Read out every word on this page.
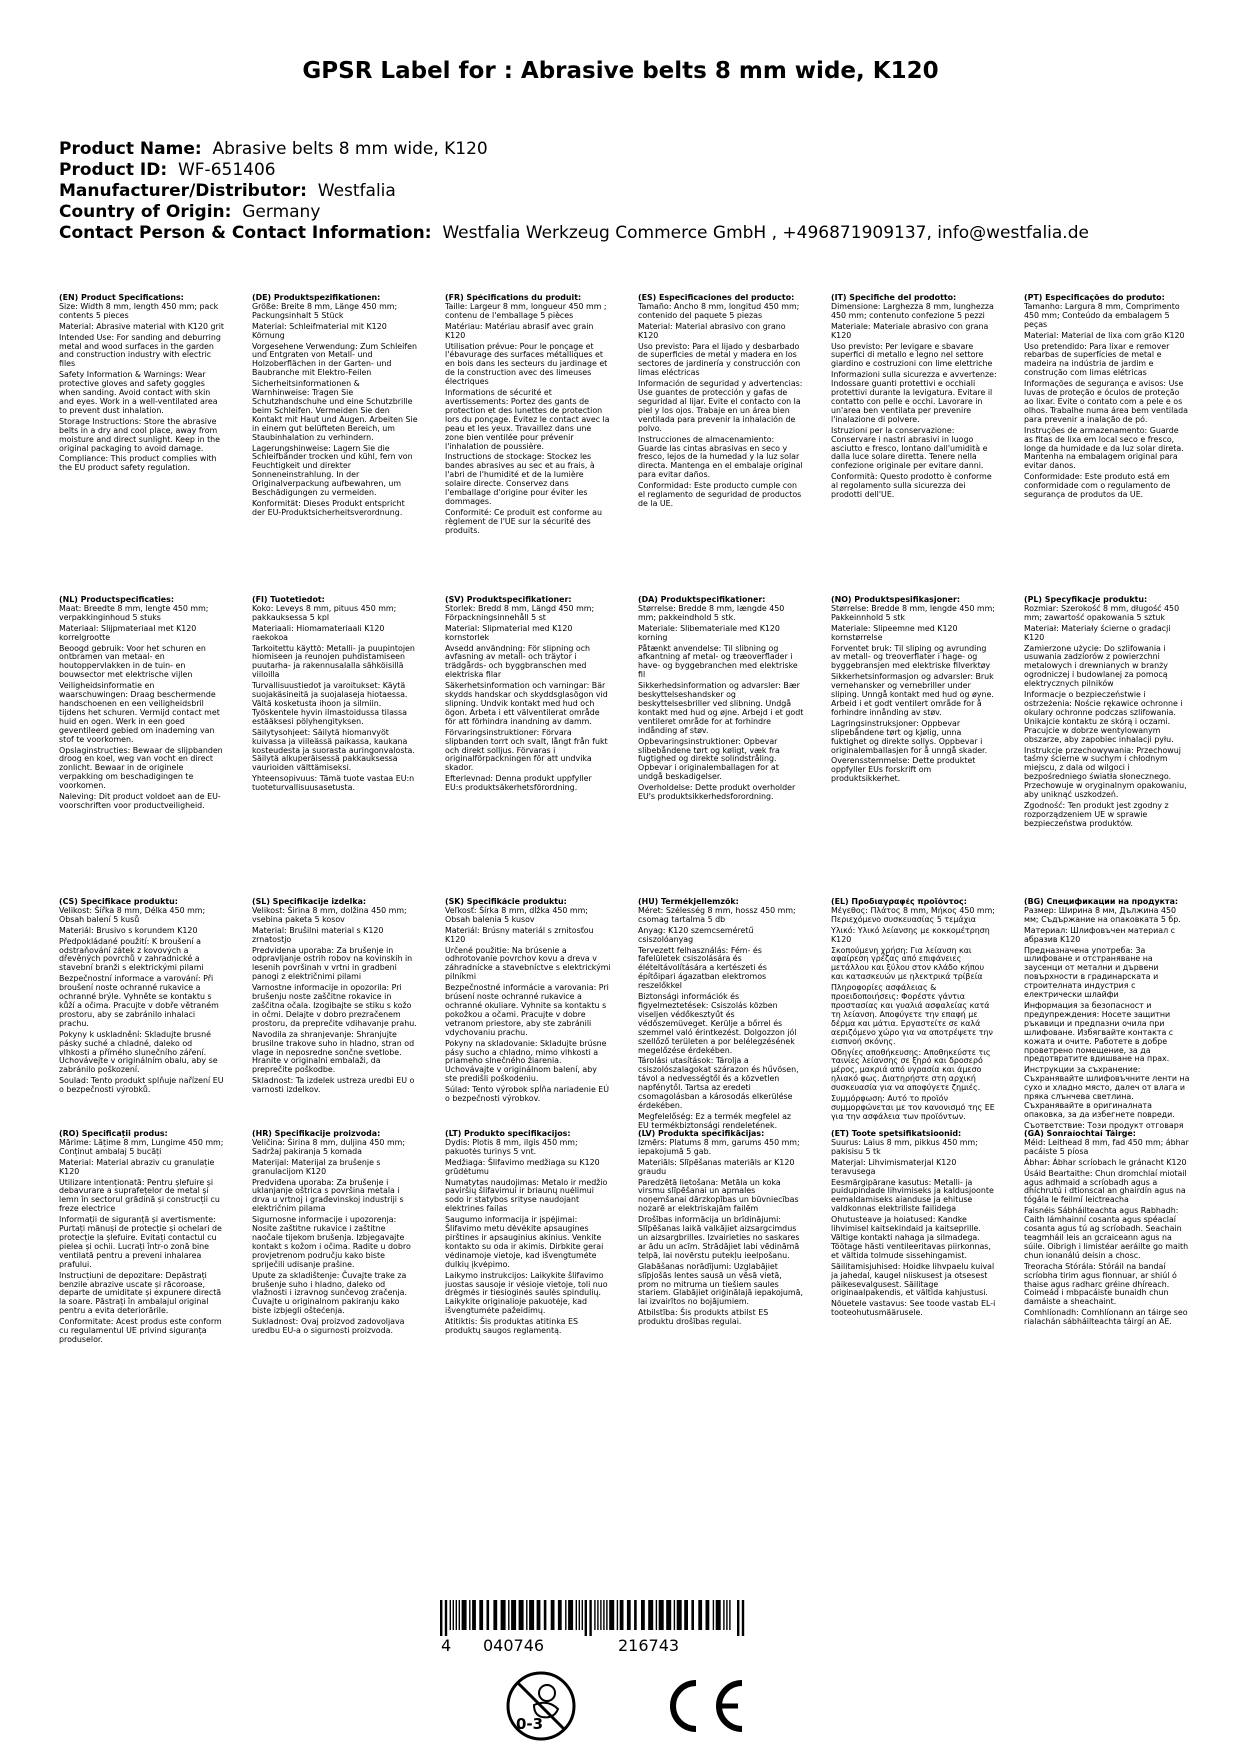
GPSR Label for : Abrasive belts 8 mm wide, K120
Product Name: Abrasive belts 8 mm wide, K120
Product ID: WF-651406
Manufacturer/Distributor: Westfalia
Country of Origin: Germany
Contact Person & Contact Information: Westfalia Werkzeug Commerce GmbH , +496871909137, info@westfalia.de
(EN) Product Specifications:

Size: Width 8 mm, length 450 mm; pack contents 5 pieces

Material: Abrasive material with K120 grit

Intended Use: For sanding and deburring metal and wood surfaces in the garden and construction industry with electric files

Safety Information & Warnings: Wear protective gloves and safety goggles when sanding. Avoid contact with skin and eyes. Work in a well-ventilated area to prevent dust inhalation.

Storage Instructions: Store the abrasive belts in a dry and cool place, away from moisture and direct sunlight. Keep in the original packaging to avoid damage.

Compliance: This product complies with the EU product safety regulation.

(DE) Produktspezifikationen:

Größe: Breite 8 mm, Länge 450 mm; Packungsinhalt 5 Stück

Material: Schleifmaterial mit K120 Körnung

Vorgesehene Verwendung: Zum Schleifen und Entgraten von Metall- und Holzoberflächen in der Garten- und Baubranche mit Elektro-Feilen

Sicherheitsinformationen & Warnhinweise: Tragen Sie Schutzhandschuhe und eine Schutzbrille beim Schleifen. Vermeiden Sie den Kontakt mit Haut und Augen. Arbeiten Sie in einem gut belüfteten Bereich, um Staubinhalation zu verhindern.

Lagerungshinweise: Lagern Sie die Schleifbänder trocken und kühl, fern von Feuchtigkeit und direkter Sonneneinstrahlung. In der Originalverpackung aufbewahren, um Beschädigungen zu vermeiden.

Konformität: Dieses Produkt entspricht der EU-Produktsicherheitsverordnung.

(FR) Spécifications du produit:

Taille: Largeur 8 mm, longueur 450 mm ; contenu de l'emballage 5 pièces

Matériau: Matériau abrasif avec grain K120

Utilisation prévue: Pour le ponçage et l'ébavurage des surfaces métalliques et en bois dans les secteurs du jardinage et de la construction avec des limeuses électriques

Informations de sécurité et avertissements: Portez des gants de protection et des lunettes de protection lors du ponçage. Évitez le contact avec la peau et les yeux. Travaillez dans une zone bien ventilée pour prévenir l'inhalation de poussière.

Instructions de stockage: Stockez les bandes abrasives au sec et au frais, à l'abri de l'humidité et de la lumière solaire directe. Conservez dans l'emballage d'origine pour éviter les dommages.

Conformité: Ce produit est conforme au règlement de l'UE sur la sécurité des produits.

(ES) Especificaciones del producto:

Tamaño: Ancho 8 mm, longitud 450 mm; contenido del paquete 5 piezas

Material: Material abrasivo con grano K120

Uso previsto: Para el lijado y desbarbado de superficies de metal y madera en los sectores de jardinería y construcción con limas eléctricas

Información de seguridad y advertencias: Use guantes de protección y gafas de seguridad al lijar. Evite el contacto con la piel y los ojos. Trabaje en un área bien ventilada para prevenir la inhalación de polvo.

Instrucciones de almacenamiento: Guarde las cintas abrasivas en seco y fresco, lejos de la humedad y la luz solar directa. Mantenga en el embalaje original para evitar daños.

Conformidad: Este producto cumple con el reglamento de seguridad de productos de la UE.

(IT) Specifiche del prodotto:

Dimensione: Larghezza 8 mm, lunghezza 450 mm; contenuto confezione 5 pezzi

Materiale: Materiale abrasivo con grana K120

Uso previsto: Per levigare e sbavare superfici di metallo e legno nel settore giardino e costruzioni con lime elettriche

Informazioni sulla sicurezza e avvertenze: Indossare guanti protettivi e occhiali protettivi durante la levigatura. Evitare il contatto con pelle e occhi. Lavorare in un'area ben ventilata per prevenire l'inalazione di polvere.

Istruzioni per la conservazione: Conservare i nastri abrasivi in luogo asciutto e fresco, lontano dall'umidità e dalla luce solare diretta. Tenere nella confezione originale per evitare danni.

Conformità: Questo prodotto è conforme al regolamento sulla sicurezza dei prodotti dell'UE.

(PT) Especificações do produto:

Tamanho: Largura 8 mm, Comprimento 450 mm; Conteúdo da embalagem 5 peças

Material: Material de lixa com grão K120

Uso pretendido: Para lixar e remover rebarbas de superfícies de metal e madeira na indústria de jardim e construção com limas elétricas

Informações de segurança e avisos: Use luvas de proteção e óculos de proteção ao lixar. Evite o contato com a pele e os olhos. Trabalhe numa área bem ventilada para prevenir a inalação de pó.

Instruções de armazenamento: Guarde as fitas de lixa em local seco e fresco, longe da humidade e da luz solar direta. Mantenha na embalagem original para evitar danos.

Conformidade: Este produto está em conformidade com o regulamento de segurança de produtos da UE.

(NL) Productspecificaties:

Maat: Breedte 8 mm, lengte 450 mm; verpakkinginhoud 5 stuks

Materiaal: Slijpmateriaal met K120 korrelgrootte

Beoogd gebruik: Voor het schuren en ontbramen van metaal- en houtoppervlakken in de tuin- en bouwsector met elektrische vijlen

Veiligheidsinformatie en waarschuwingen: Draag beschermende handschoenen en een veiligheidsbril tijdens het schuren. Vermijd contact met huid en ogen. Werk in een goed geventileerd gebied om inademing van stof te voorkomen.

Opslaginstructies: Bewaar de slijpbanden droog en koel, weg van vocht en direct zonlicht. Bewaar in de originele verpakking om beschadigingen te voorkomen.

Naleving: Dit product voldoet aan de EU-voorschriften voor productveiligheid.

(FI) Tuotetiedot:

Koko: Leveys 8 mm, pituus 450 mm; pakkauksessa 5 kpl

Materiaali: Hiomamateriaali K120 raekokoa

Tarkoitettu käyttö: Metalli- ja puupintojen hiomiseen ja reunojen puhdistamiseen puutarha- ja rakennusalalla sähköisillä viiloilla

Turvallisuustiedot ja varoitukset: Käytä suojakäsineitä ja suojalaseja hiotaessa. Vältä kosketusta ihoon ja silmiin. Työskentele hyvin ilmastoidussa tilassa estääksesi pölyhengityksen.

Säilytysohjeet: Säilytä hiomanvyöt kuivassa ja viileässä paikassa, kaukana kosteudesta ja suorasta auringonvalosta. Säilytä alkuperäisessä pakkauksessa vaurioiden välttämiseksi.

Yhteensopivuus: Tämä tuote vastaa EU:n tuoteturvallisuusasetusta.

(SV) Produktspecifikationer:

Storlek: Bredd 8 mm, Längd 450 mm; Förpackningsinnehåll 5 st

Material: Slipmaterial med K120 kornstorlek

Avsedd användning: För slipning och avfasning av metall- och träytor i trädgårds- och byggbranschen med elektriska filar

Säkerhetsinformation och varningar: Bär skydds handskar och skyddsglasögon vid slipning. Undvik kontakt med hud och ögon. Arbeta i ett välventilerat område för att förhindra inandning av damm.

Förvaringsinstruktioner: Förvara slipbanden torrt och svalt, långt från fukt och direkt solljus. Förvaras i originalförpackningen för att undvika skador.

Efterlevnad: Denna produkt uppfyller EU:s produktsäkerhetsförordning.

(DA) Produktspecifikationer:

Størrelse: Bredde 8 mm, længde 450 mm; pakkeindhold 5 stk.

Materiale: Slibemateriale med K120 korning

Påtænkt anvendelse: Til slibning og afkantning af metal- og træoverflader i have- og byggebranchen med elektriske fil

Sikkerhedsinformation og advarsler: Bær beskyttelseshandsker og beskyttelsesbriller ved slibning. Undgå kontakt med hud og øjne. Arbejd i et godt ventileret område for at forhindre indånding af støv.

Opbevaringsinstruktioner: Opbevar slibebåndene tørt og køligt, væk fra fugtighed og direkte solindstråling. Opbevar i originalemballagen for at undgå beskadigelser.

Overholdelse: Dette produkt overholder EU's produktsikkerhedsforordning.

(NO) Produktspesifikasjoner:

Størrelse: Bredde 8 mm, lengde 450 mm; Pakkeinnhold 5 stk

Materiale: Slipeemne med K120 kornstørrelse

Forventet bruk: Til sliping og avrunding av metall- og treoverflater i hage- og byggebransjen med elektriske filverktøy

Sikkerhetsinformasjon og advarsler: Bruk vernehansker og vernebriller under sliping. Unngå kontakt med hud og øyne. Arbeid i et godt ventilert område for å forhindre innånding av støv.

Lagringsinstruksjoner: Oppbevar slipebåndene tørt og kjølig, unna fuktighet og direkte sollys. Oppbevar i originalemballasjen for å unngå skader.

Overensstemmelse: Dette produktet oppfyller EUs forskrift om produktsikkerhet.

(PL) Specyfikacje produktu:

Rozmiar: Szerokość 8 mm, długość 450 mm; zawartość opakowania 5 sztuk

Materiał: Materiały ścierne o gradacji K120

Zamierzone użycie: Do szlifowania i usuwania zadziorów z powierzchni metalowych i drewnianych w branży ogrodniczej i budowlanej za pomocą elektrycznych pilników

Informacje o bezpieczeństwie i ostrzeżenia: Noście rękawice ochronne i okulary ochronne podczas szlifowania. Unikajcie kontaktu ze skórą i oczami. Pracujcie w dobrze wentylowanym obszarze, aby zapobiec inhalacji pyłu.

Instrukcje przechowywania: Przechowuj taśmy ścierne w suchym i chłodnym miejscu, z dala od wilgoci i bezpośredniego światła słonecznego. Przechowuje w oryginalnym opakowaniu, aby uniknąć uszkodzeń.

Zgodność: Ten produkt jest zgodny z rozporządzeniem UE w sprawie bezpieczeństwa produktów.

(CS) Specifikace produktu:

Velikost: Šířka 8 mm, Délka 450 mm; Obsah balení 5 kusů

Materiál: Brusivo s korundem K120

Předpokládané použití: K broušení a odstraňování zátek z kovových a dřevěných povrchů v zahradnické a stavební branži s elektrickými pilami

Bezpečnostní informace a varování: Při broušení noste ochranné rukavice a ochranné brýle. Vyhněte se kontaktu s kůží a očima. Pracujte v dobře větraném prostoru, aby se zabránilo inhalaci prachu.

Pokyny k uskladnění: Skladujte brusné pásky suché a chladné, daleko od vlhkosti a přímého slunečního záření. Uchovávejte v originálním obalu, aby se zabránilo poškození.

Soulad: Tento produkt splňuje nařízení EU o bezpečnosti výrobků.

(SL) Specifikacije izdelka:

Velikost: Širina 8 mm, dolžina 450 mm; vsebina paketa 5 kosov

Material: Brušilni material s K120 zrnatostjo

Predvidena uporaba: Za brušenje in odpravljanje ostrih robov na kovinskih in lesenih površinah v vrtni in gradbeni panogi z električnimi pilami

Varnostne informacije in opozorila: Pri brušenju noste zaščitne rokavice in zaščitna očala. Izogibajte se stiku s kožo in očmi. Delajte v dobro prezračenem prostoru, da preprečite vdihavanje prahu.

Navodila za shranjevanje: Shranjujte brusilne trakove suho in hladno, stran od vlage in neposredne sončne svetlobe. Hranite v originalni embalaži, da preprečite poškodbe.

Skladnost: Ta izdelek ustreza uredbi EU o varnosti izdelkov.

(SK) Špecifikácie produktu:

Veľkosť: Šírka 8 mm, dĺžka 450 mm; Obsah balenia 5 kusov

Materiál: Brúsny materiál s zrnitosťou K120

Určené použitie: Na brúsenie a odhrotovanie povrchov kovu a dreva v záhradnícke a stavebníctve s elektrickými pilníkmi

Bezpečnostné informácie a varovania: Pri brúsení noste ochranné rukavice a ochranné okuliare. Vyhnite sa kontaktu s pokožkou a očami. Pracujte v dobre vetranom priestore, aby ste zabránili vdychovaniu prachu.

Pokyny na skladovanie: Skladujte brúsne pásy sucho a chladno, mimo vlhkosti a priameho slnečného žiarenia. Uchovávajte v originálnom balení, aby ste predišli poškodeniu.

Súlad: Tento výrobok spĺňa nariadenie EÚ o bezpečnosti výrobkov.

(HU) Termékjellemzők:

Méret: Szélesség 8 mm, hossz 450 mm; csomag tartalma 5 db

Anyag: K120 szemcseméretű csiszolóanyag

Tervezett felhasználás: Fém- és fafelületek csiszolására és élételtávolítására a kertészeti és építőipari ágazatban elektromos reszelőkkel

Biztonsági információk és figyelmeztetések: Csiszolás közben viseljen védőkesztyűt és védőszemüveget. Kerülje a bőrrel és szemmel való érintkezést. Dolgozzon jól szellőző területen a por belélegzésének megelőzése érdekében.

Tárolási utasítások: Tárolja a csiszolószalagokat szárazon és hűvösen, távol a nedvességtől és a közvetlen napfénytől. Tartsa az eredeti csomagolásban a károsodás elkerülése érdekében.

Megfelelőség: Ez a termék megfelel az EU termékbiztonsági rendeletének.

(EL) Προδιαγραφές προϊόντος:

Μέγεθος: Πλάτος 8 mm, Μήκος 450 mm; Περιεχόμενο συσκευασίας 5 τεμάχια

Υλικό: Υλικό λείανσης με κοκκομέτρηση K120

Σκοπούμενη χρήση: Για λείανση και αφαίρεση γρέζας από επιφάνειες μετάλλου και ξύλου στον κλάδο κήπου και κατασκευών με ηλεκτρικά τρίβεία

Πληροφορίες ασφάλειας & προειδοποιήσεις: Φορέστε γάντια προστασίας και γυαλιά ασφαλείας κατά τη λείανση. Αποφύγετε την επαφή με δέρμα και μάτια. Εργαστείτε σε καλά αεριζόμενο χώρο για να αποτρέψετε την εισπνοή σκόνης.

Οδηγίες αποθήκευσης: Αποθηκεύστε τις ταινίες λείανσης σε ξηρό και δροσερό μέρος, μακριά από υγρασία και άμεσο ηλιακό φως. Διατηρήστε στη αρχική συσκευασία για να αποφύγετε ζημιές.

Συμμόρφωση: Αυτό το προϊόν συμμορφώνεται με τον κανονισμό της ΕΕ για την ασφάλεια των προϊόντων.

(BG) Спецификации на продукта:

Размер: Ширина 8 мм, Дължина 450 мм; Съдържание на опаковката 5 бр.

Материал: Шлифовъчен материал с абразив K120

Предназначена употреба: За шлифоване и отстраняване на заусенци от метални и дървени повърхности в градинарската и строителната индустрия с електрически шлайфи

Информация за безопасност и предупреждения: Носете защитни ръкавици и предпазни очила при шлифоване. Избягвайте контакта с кожата и очите. Работете в добре проветрено помещение, за да предотвратите вдишване на прах.

Инструкции за съхранение: Съхранявайте шлифовъчните ленти на сухо и хладно място, далеч от влага и пряка слънчева светлина. Съхранявайте в оригиналната опаковка, за да избегнете повреди.

Съответствие: Този продукт отговаря

(RO) Specificații produs:

Mărime: Lățime 8 mm, Lungime 450 mm; Conținut ambalaj 5 bucăți

Material: Material abraziv cu granulație K120

Utilizare intenționată: Pentru șlefuire și debavurare a suprafețelor de metal și lemn în sectorul grădină și construcții cu freze electrice

Informații de siguranță și avertismente: Purtați mănuși de protecție și ochelari de protecție la șlefuire. Evitați contactul cu pielea și ochii. Lucrați într-o zonă bine ventilată pentru a preveni inhalarea prafului.

Instrucțiuni de depozitare: Depăstrați benzile abrazive uscate și răcoroase, departe de umiditate și expunere directă la soare. Păstrați în ambalajul original pentru a evita deteriorările.

Conformitate: Acest produs este conform cu regulamentul UE privind siguranța produselor.

(HR) Specifikacije proizvoda:

Veličina: Širina 8 mm, duljina 450 mm; Sadržaj pakiranja 5 komada

Materijal: Materijal za brušenje s granulacijom K120

Predviđena uporaba: Za brušenje i uklanjanje oštrica s površina metala i drva u vrtnoj i građevinskoj industriji s električnim pilama

Sigurnosne informacije i upozorenja: Nosite zaštitne rukavice i zaštitne naočale tijekom brušenja. Izbjegavajte kontakt s kožom i očima. Radite u dobro provjetrenom području kako biste spriječili udisanje prašine.

Upute za skladištenje: Čuvajte trake za brušenje suho i hladno, daleko od vlažnosti i izravnog sunčevog zračenja. Čuvajte u originalnom pakiranju kako biste izbjegli oštećenja.

Sukladnost: Ovaj proizvod zadovoljava uredbu EU-a o sigurnosti proizvoda.

(LT) Produkto specifikacijos:

Dydis: Plotis 8 mm, ilgis 450 mm; pakuotės turinys 5 vnt.

Medžiaga: Šlifavimo medžiaga su K120 grūdėtumu

Numatytas naudojimas: Metalo ir medžio paviršių šlifavimui ir briaunų nuėlimui sodo ir statybos srityse naudojant elektrines failas

Saugumo informacija ir įspėjimai: Šlifavimo metu dėvėkite apsaugines pirštines ir apsauginius akinius. Venkite kontakto su oda ir akimis. Dirbkite gerai vėdinamoje vietoje, kad išvengtumėte dulkių įkvėpimo.

Laikymo instrukcijos: Laikykite šlifavimo juostas sausoje ir vėsioje vietoje, toli nuo drėgmės ir tiesioginės saulės spindulių. Laikykite originalioje pakuotėje, kad išvengtumėte pažeidimų.

Atitiktis: Šis produktas atitinka ES produktų saugos reglamentą.

(LV) Produkta specifikācijas:

Izmērs: Platums 8 mm, garums 450 mm; iepakojumā 5 gab.

Materiāls: Slīpēšanas materiāls ar K120 graudu

Paredzētā lietošana: Metāla un koka virsmu slīpēšanai un apmales noņemšanai dārzkopības un būvniecības nozarē ar elektriskajām failēm

Drošības informācija un brīdinājumi: Slīpēšanas laikā valkājiet aizsargcimdus un aizsargbrilles. Izvairieties no saskares ar ādu un acīm. Strādājiet labi vēdināmā telpā, lai novērstu putekļu ieelpošanu.

Glabāšanas norādījumi: Uzglabājiet slīpjošās lentes sausā un vēsā vietā, prom no mitruma un tiešiem saules stariem. Glabājiet oriģinālajā iepakojumā, lai izvairītos no bojājumiem.

Atbilstība: Šis produkts atbilst ES produktu drošības regulai.

(ET) Toote spetsifikatsioonid:

Suurus: Laius 8 mm, pikkus 450 mm; pakisisu 5 tk

Materjal: Lihvimismaterjal K120 teravusega

Eesmärgipärane kasutus: Metalli- ja puidupindade lihvimiseks ja kaldusjoonte eemaldamiseks aianduse ja ehituse valdkonnas elektriliste failidega

Ohutusteave ja hoiatused: Kandke lihvimisel kaitsekindaid ja kaitseprille. Vältige kontakti nahaga ja silmadega. Töötage hästi ventileeritavas piirkonnas, et vältida tolmude sissehingamist.

Säilitamisjuhised: Hoidke lihvpaelu kuival ja jahedal, kaugel niiskusest ja otsesest päikesevalgusest. Säilitage originaalpakendis, et vältida kahjustusi.

Nõuetele vastavus: See toode vastab EL-i tooteohutusmäärusele.

(GA) Sonraíochtaí Táirge:

Méid: Leithead 8 mm, fad 450 mm; ábhar pacáiste 5 píosa

Ábhar: Ábhar scríobach le gránacht K120

Úsáid Beartaithe: Chun dromchlaí miotail agus adhmaid a scríobadh agus a dhíchrutú i dtionscal an ghairdín agus na tógála le feilmí leictreacha

Faisnéis Sábháilteachta agus Rabhadh: Caith lámhainní cosanta agus spéaclaí cosanta agus tú ag scríobadh. Seachain teagmháil leis an gcraiceann agus na súile. Oibrigh i limistéar aeráilte go maith chun ionanálú deisin a chosc.

Treoracha Stórála: Stóráil na bandaí scríobha tirim agus fionnuar, ar shiúl ó thaise agus radharc gréine dhíreach. Coimeád i mbpacáiste bunaidh chun damáiste a sheachaint.

Comhlíonadh: Comhlíonann an táirge seo rialachán sábháilteachta táirgí an AE.

4 040746	216743
0-3
